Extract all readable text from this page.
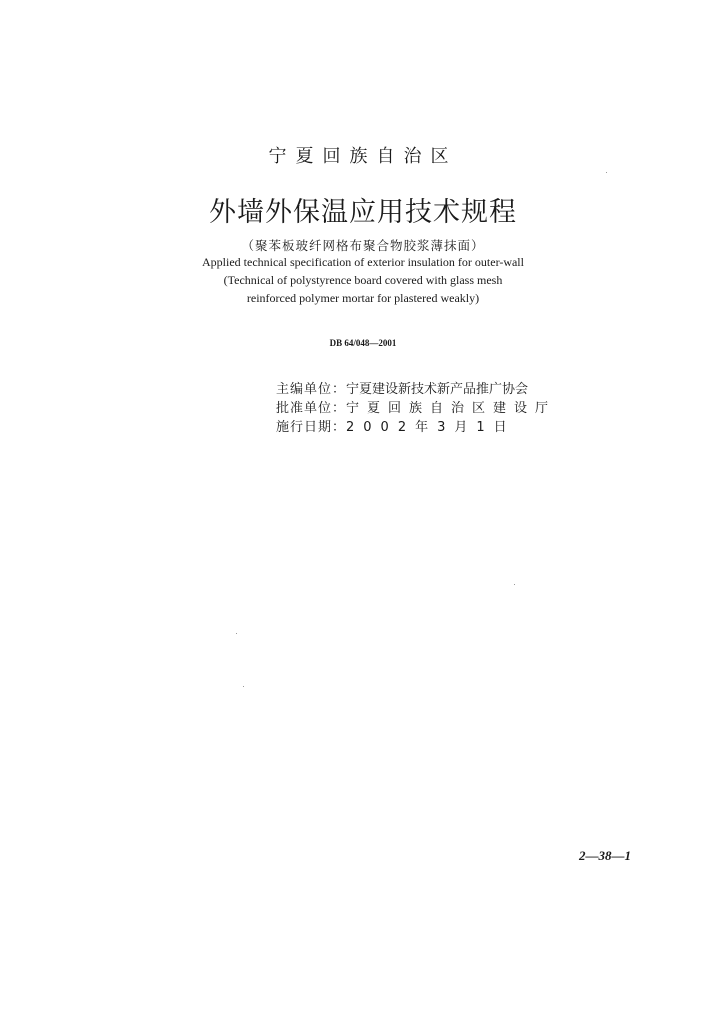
宁夏回族自治区
外墙外保温应用技术规程
（聚苯板玻纤网格布聚合物胶浆薄抹面）
Applied technical specification of exterior insulation for outer-wall
(Technical of polystyrence board covered with glass mesh
reinforced polymer mortar for plastered weakly)
DB 64/048—2001
主编单位：宁夏建设新技术新产品推广协会
批准单位：宁夏回族自治区建设厅
施行日期：2002年3月1日
2—38—1
